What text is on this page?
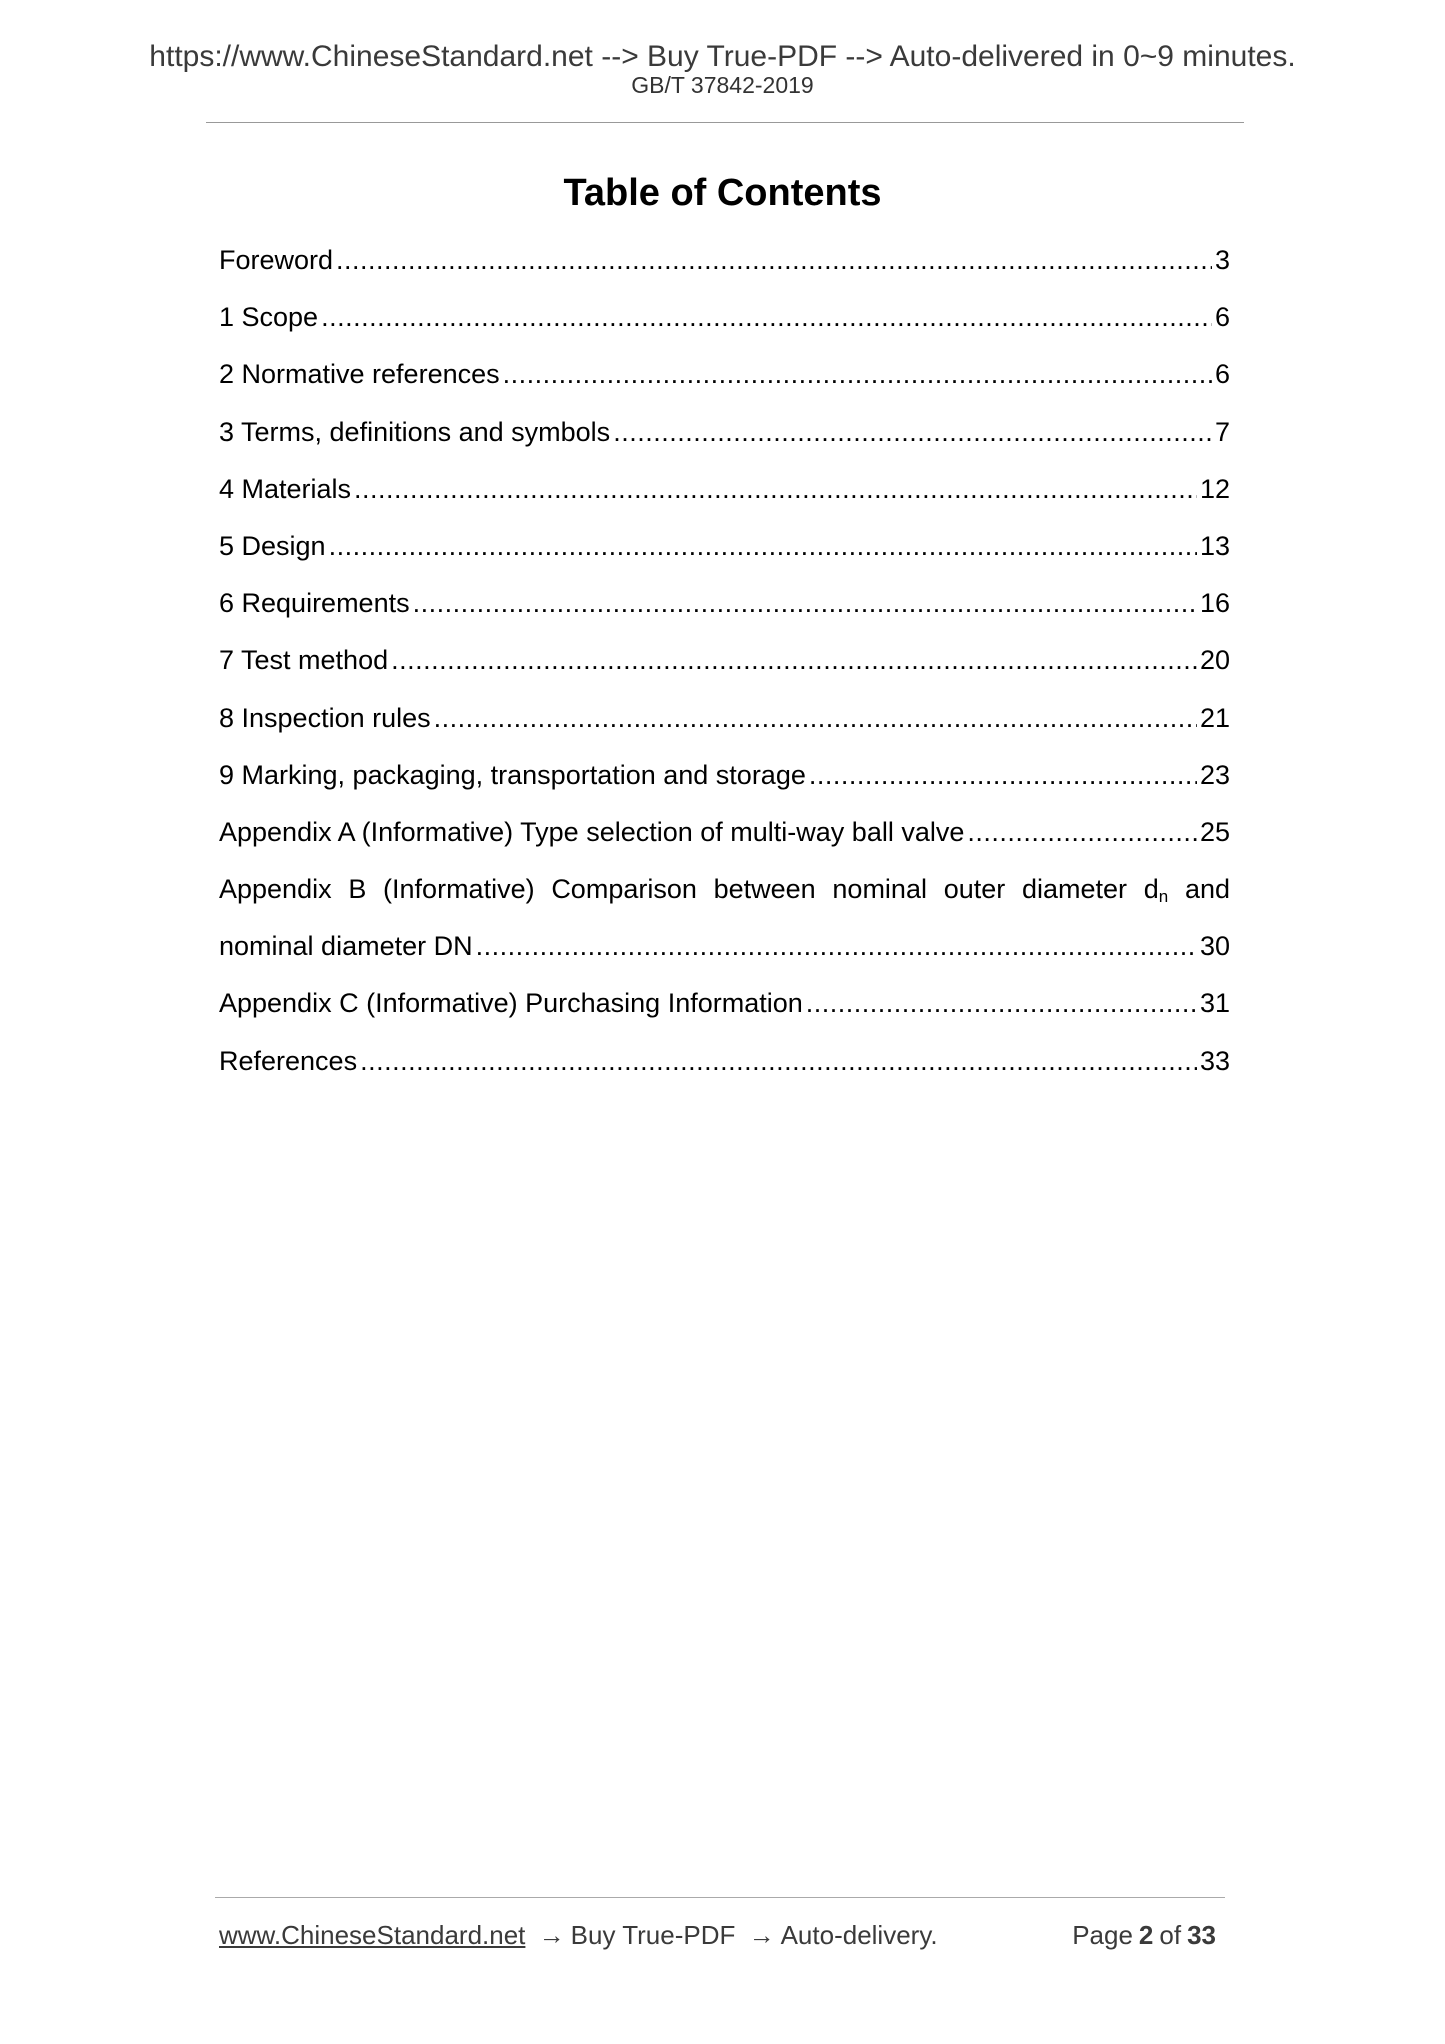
https://www.ChineseStandard.net --> Buy True-PDF --> Auto-delivered in 0~9 minutes.
GB/T 37842-2019
Table of Contents
Foreword .....	3
1 Scope .....	6
2 Normative references .....	6
3 Terms, definitions and symbols .....	7
4 Materials .....	12
5 Design .....	13
6 Requirements .....	16
7 Test method .....	20
8 Inspection rules .....	21
9 Marking, packaging, transportation and storage .....	23
Appendix A (Informative) Type selection of multi-way ball valve .....	25
Appendix B (Informative) Comparison between nominal outer diameter $d_n$ and
nominal diameter DN .....	30
Appendix C (Informative) Purchasing Information .....	31
References .....	33
www.ChineseStandard.net → Buy True-PDF → Auto-delivery.	Page 2 of 33
